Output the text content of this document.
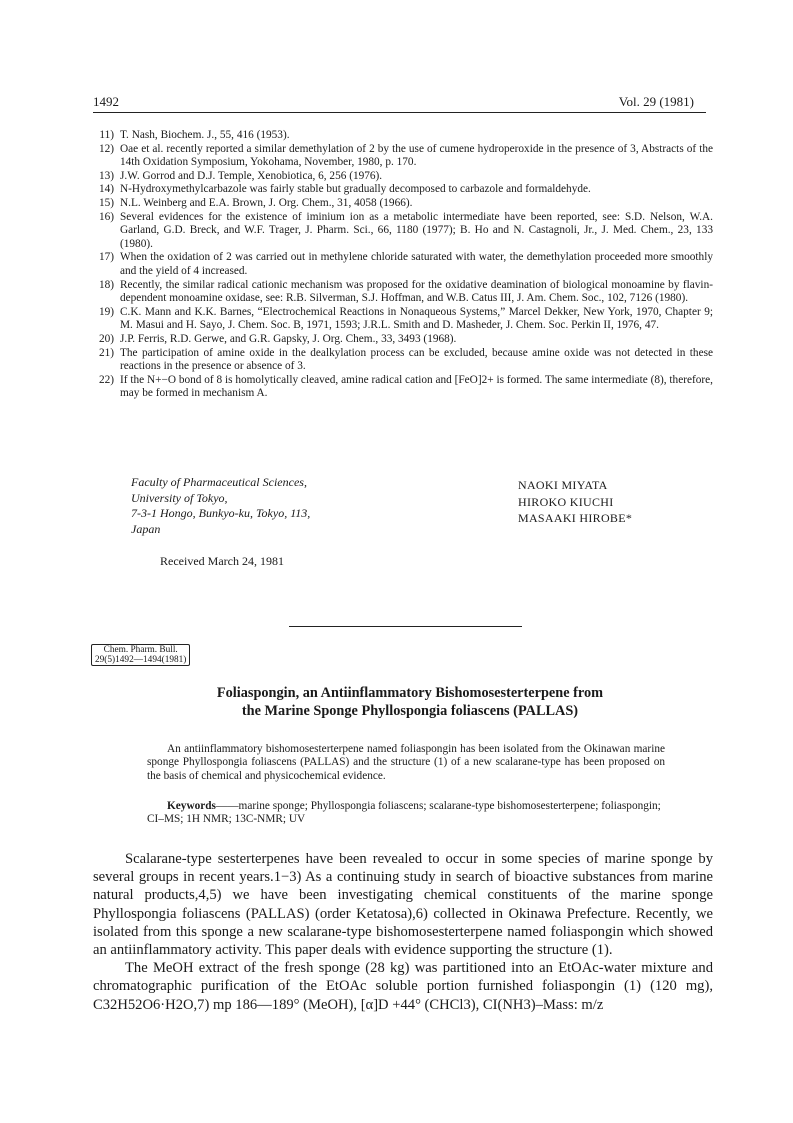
1492	Vol. 29 (1981)
11) T. Nash, Biochem. J., 55, 416 (1953).
12) Oae et al. recently reported a similar demethylation of 2 by the use of cumene hydroperoxide in the presence of 3, Abstracts of the 14th Oxidation Symposium, Yokohama, November, 1980, p. 170.
13) J.W. Gorrod and D.J. Temple, Xenobiotica, 6, 256 (1976).
14) N-Hydroxymethylcarbazole was fairly stable but gradually decomposed to carbazole and formaldehyde.
15) N.L. Weinberg and E.A. Brown, J. Org. Chem., 31, 4058 (1966).
16) Several evidences for the existence of iminium ion as a metabolic intermediate have been reported, see: S.D. Nelson, W.A. Garland, G.D. Breck, and W.F. Trager, J. Pharm. Sci., 66, 1180 (1977); B. Ho and N. Castagnoli, Jr., J. Med. Chem., 23, 133 (1980).
17) When the oxidation of 2 was carried out in methylene chloride saturated with water, the demethylation proceeded more smoothly and the yield of 4 increased.
18) Recently, the similar radical cationic mechanism was proposed for the oxidative deamination of biological monoamine by flavin-dependent monoamine oxidase, see: R.B. Silverman, S.J. Hoffman, and W.B. Catus III, J. Am. Chem. Soc., 102, 7126 (1980).
19) C.K. Mann and K.K. Barnes, “Electrochemical Reactions in Nonaqueous Systems,” Marcel Dekker, New York, 1970, Chapter 9; M. Masui and H. Sayo, J. Chem. Soc. B, 1971, 1593; J.R.L. Smith and D. Masheder, J. Chem. Soc. Perkin II, 1976, 47.
20) J.P. Ferris, R.D. Gerwe, and G.R. Gapsky, J. Org. Chem., 33, 3493 (1968).
21) The participation of amine oxide in the dealkylation process can be excluded, because amine oxide was not detected in these reactions in the presence or absence of 3.
22) If the N+−O bond of 8 is homolytically cleaved, amine radical cation and [FeO]2+ is formed. The same intermediate (8), therefore, may be formed in mechanism A.
Faculty of Pharmaceutical Sciences,
University of Tokyo,
7-3-1 Hongo, Bunkyo-ku, Tokyo, 113,
Japan
NAOKI MIYATA
HIROKO KIUCHI
MASAAKI HIROBE*
Received March 24, 1981
Chem. Pharm. Bull.
29(5)1492—1494(1981)
Foliaspongin, an Antiinflammatory Bishomosesterterpene from
the Marine Sponge Phyllospongia foliascens (PALLAS)
An antiinflammatory bishomosesterterpene named foliaspongin has been isolated from the Okinawan marine sponge Phyllospongia foliascens (PALLAS) and the structure (1) of a new scalarane-type has been proposed on the basis of chemical and physicochemical evidence.
Keywords——marine sponge; Phyllospongia foliascens; scalarane-type bishomosesterterpene; foliaspongin; CI–MS; 1H NMR; 13C-NMR; UV

Scalarane-type sesterterpenes have been revealed to occur in some species of marine sponge by several groups in recent years.1−3) As a continuing study in search of bioactive substances from marine natural products,4,5) we have been investigating chemical constituents of the marine sponge Phyllospongia foliascens (PALLAS) (order Ketatosa),6) collected in Okinawa Prefecture. Recently, we isolated from this sponge a new scalarane-type bishomosesterterpene named foliaspongin which showed an antiinflammatory activity. This paper deals with evidence supporting the structure (1).

The MeOH extract of the fresh sponge (28 kg) was partitioned into an EtOAc-water mixture and chromatographic purification of the EtOAc soluble portion furnished foliaspongin (1) (120 mg), C32H52O6·H2O,7) mp 186—189° (MeOH), [α]D +44° (CHCl3), CI(NH3)–Mass: m/z
